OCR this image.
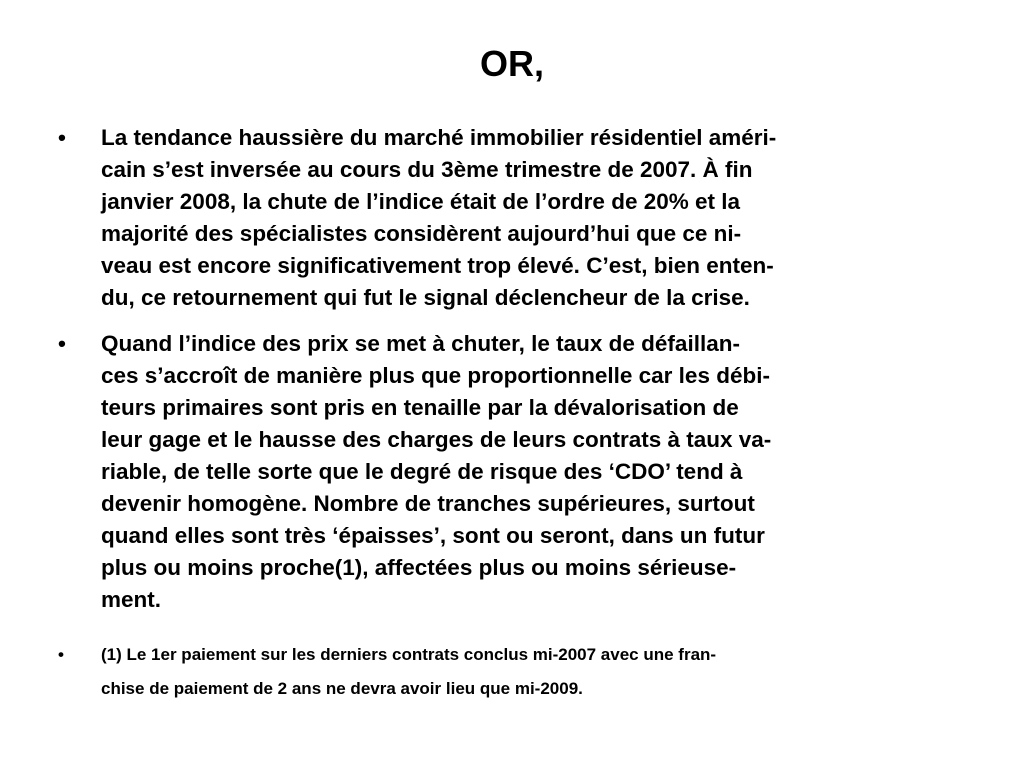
OR,
• La tendance haussière du marché immobilier résidentiel améri-
cain s’est inversée au cours du 3ème trimestre de 2007. À fin
janvier 2008, la chute de l’indice était de l’ordre de 20% et la
majorité des spécialistes considèrent aujourd’hui que ce ni-
veau est encore significativement trop élevé. C’est, bien enten-
du, ce retournement qui fut le signal déclencheur de la crise.
• Quand l’indice des prix se met à chuter, le taux de défaillan-
ces s’accroît de manière plus que proportionnelle car les débi-
teurs primaires sont pris en tenaille par la dévalorisation de
leur gage et le hausse des charges de leurs contrats à taux va-
riable, de telle sorte que le degré de risque des ‘CDO’ tend à
devenir homogène. Nombre de tranches supérieures, surtout
quand elles sont très ‘épaisses’, sont ou seront, dans un futur
plus ou moins proche(1), affectées plus ou moins sérieuse-
ment.
• (1) Le 1er paiement sur les derniers contrats conclus mi-2007 avec une fran-
chise de paiement de 2 ans ne devra avoir lieu que mi-2009.
